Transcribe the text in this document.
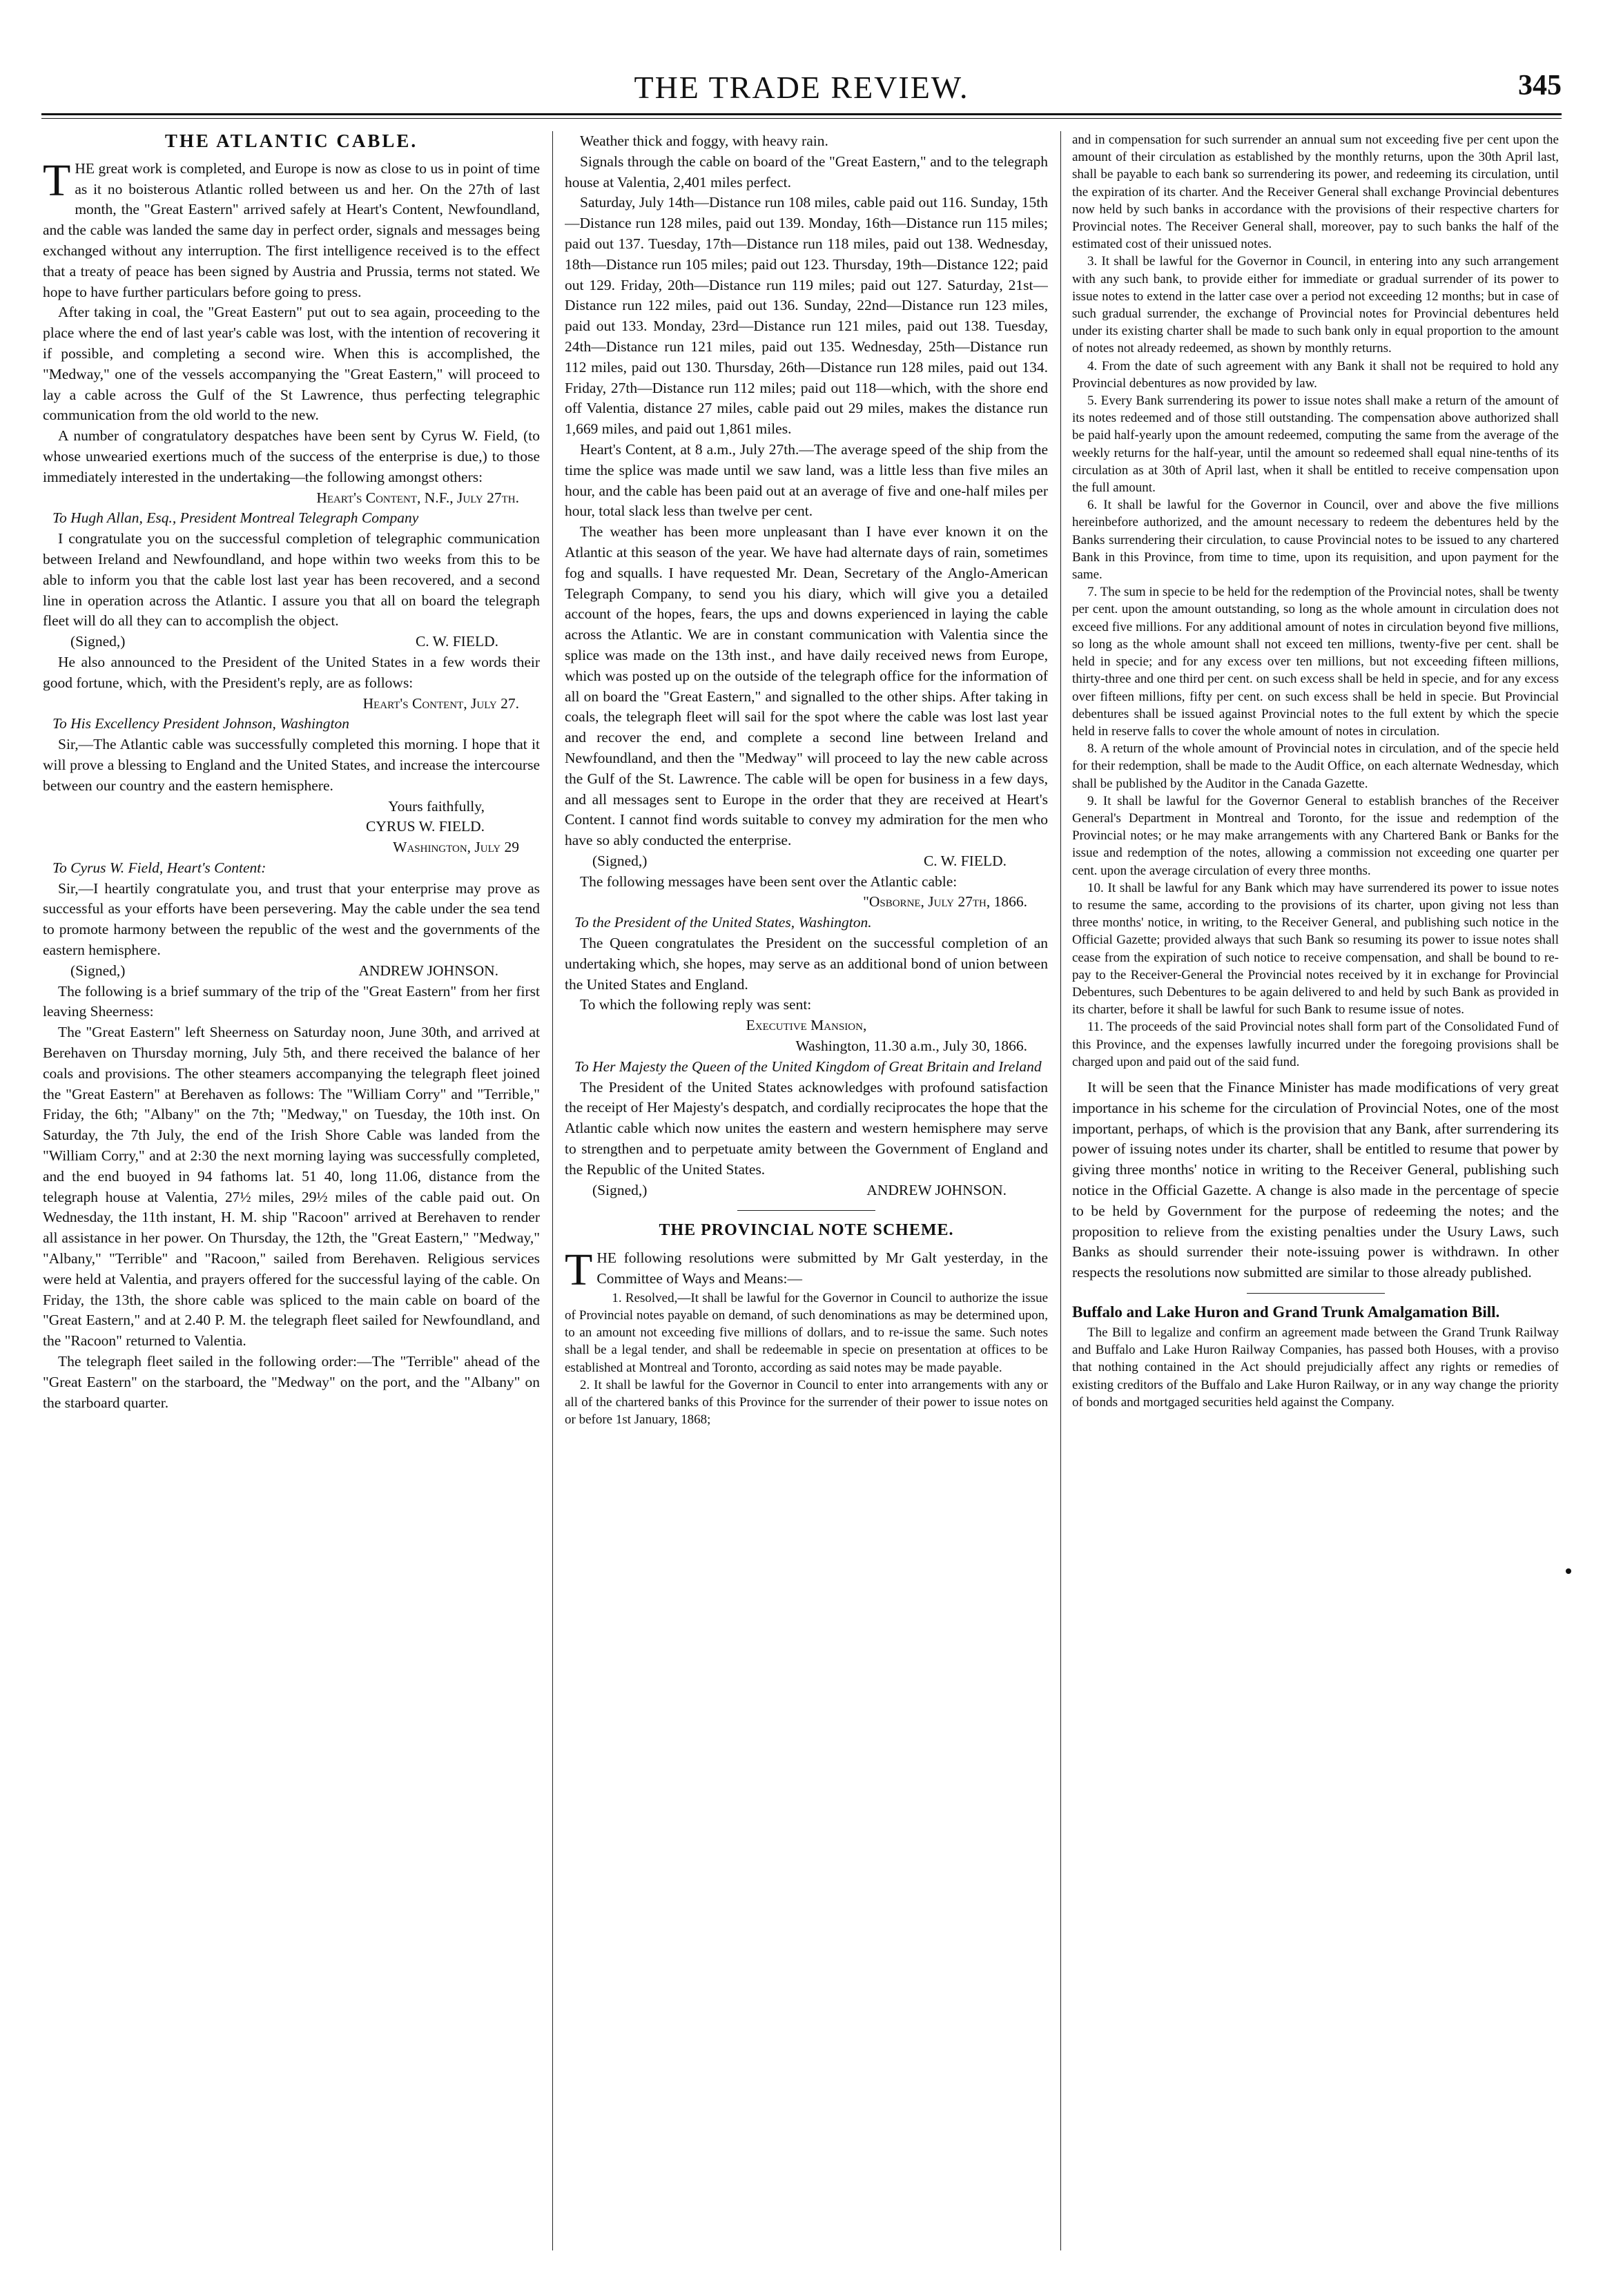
THE TRADE REVIEW.	345
THE ATLANTIC CABLE.

THE great work is completed, and Europe is now as close to us in point of time as it no boisterous Atlantic rolled between us and her. On the 27th of last month, the "Great Eastern" arrived safely at Heart's Content, Newfoundland, and the cable was landed the same day in perfect order, signals and messages being exchanged without any interruption. The first intelligence received is to the effect that a treaty of peace has been signed by Austria and Prussia, terms not stated. We hope to have further particulars before going to press.

After taking in coal, the "Great Eastern" put out to sea again, proceeding to the place where the end of last year's cable was lost, with the intention of recovering it if possible, and completing a second wire. When this is accomplished, the "Medway," one of the vessels accompanying the "Great Eastern," will proceed to lay a cable across the Gulf of the St Lawrence, thus perfecting telegraphic communication from the old world to the new.

A number of congratulatory despatches have been sent by Cyrus W. Field, (to whose unwearied exertions much of the success of the enterprise is due,) to those immediately interested in the undertaking—the following amongst others:

Heart's Content, N.F., July 27th.

To Hugh Allan, Esq., President Montreal Telegraph Company

I congratulate you on the successful completion of telegraphic communication between Ireland and Newfoundland, and hope within two weeks from this to be able to inform you that the cable lost last year has been recovered, and a second line in operation across the Atlantic. I assure you that all on board the telegraph fleet will do all they can to accomplish the object.

(Signed,)	C. W. FIELD.

He also announced to the President of the United States in a few words their good fortune, which, with the President's reply, are as follows:

Heart's Content, July 27.

To His Excellency President Johnson, Washington

Sir,—The Atlantic cable was successfully completed this morning. I hope that it will prove a blessing to England and the United States, and increase the intercourse between our country and the eastern hemisphere.

Yours faithfully,

CYRUS W. FIELD.

Washington, July 29

To Cyrus W. Field, Heart's Content:

Sir,—I heartily congratulate you, and trust that your enterprise may prove as successful as your efforts have been persevering. May the cable under the sea tend to promote harmony between the republic of the west and the governments of the eastern hemisphere.

(Signed,)	ANDREW JOHNSON.

The following is a brief summary of the trip of the "Great Eastern" from her first leaving Sheerness:

The "Great Eastern" left Sheerness on Saturday noon, June 30th, and arrived at Berehaven on Thursday morning, July 5th, and there received the balance of her coals and provisions. The other steamers accompanying the telegraph fleet joined the "Great Eastern" at Berehaven as follows: The "William Corry" and "Terrible," Friday, the 6th; "Albany" on the 7th; "Medway," on Tuesday, the 10th inst. On Saturday, the 7th July, the end of the Irish Shore Cable was landed from the "William Corry," and at 2:30 the next morning laying was successfully completed, and the end buoyed in 94 fathoms lat. 51 40, long 11.06, distance from the telegraph house at Valentia, 27½ miles, 29½ miles of the cable paid out. On Wednesday, the 11th instant, H. M. ship "Racoon" arrived at Berehaven to render all assistance in her power. On Thursday, the 12th, the "Great Eastern," "Medway," "Albany," "Terrible" and "Racoon," sailed from Berehaven. Religious services were held at Valentia, and prayers offered for the successful laying of the cable. On Friday, the 13th, the shore cable was spliced to the main cable on board of the "Great Eastern," and at 2.40 P. M. the telegraph fleet sailed for Newfoundland, and the "Racoon" returned to Valentia.

The telegraph fleet sailed in the following order:—The "Terrible" ahead of the "Great Eastern" on the starboard, the "Medway" on the port, and the "Albany" on the starboard quarter.

Weather thick and foggy, with heavy rain.

Signals through the cable on board of the "Great Eastern," and to the telegraph house at Valentia, 2,401 miles perfect.

Saturday, July 14th—Distance run 108 miles, cable paid out 116. Sunday, 15th—Distance run 128 miles, paid out 139. Monday, 16th—Distance run 115 miles; paid out 137. Tuesday, 17th—Distance run 118 miles, paid out 138. Wednesday, 18th—Distance run 105 miles; paid out 123. Thursday, 19th—Distance 122; paid out 129. Friday, 20th—Distance run 119 miles; paid out 127. Saturday, 21st—Distance run 122 miles, paid out 136. Sunday, 22nd—Distance run 123 miles, paid out 133. Monday, 23rd—Distance run 121 miles, paid out 138. Tuesday, 24th—Distance run 121 miles, paid out 135. Wednesday, 25th—Distance run 112 miles, paid out 130. Thursday, 26th—Distance run 128 miles, paid out 134. Friday, 27th—Distance run 112 miles; paid out 118—which, with the shore end off Valentia, distance 27 miles, cable paid out 29 miles, makes the distance run 1,669 miles, and paid out 1,861 miles.

Heart's Content, at 8 a.m., July 27th.—The average speed of the ship from the time the splice was made until we saw land, was a little less than five miles an hour, and the cable has been paid out at an average of five and one-half miles per hour, total slack less than twelve per cent.

The weather has been more unpleasant than I have ever known it on the Atlantic at this season of the year. We have had alternate days of rain, sometimes fog and squalls. I have requested Mr. Dean, Secretary of the Anglo-American Telegraph Company, to send you his diary, which will give you a detailed account of the hopes, fears, the ups and downs experienced in laying the cable across the Atlantic. We are in constant communication with Valentia since the splice was made on the 13th inst., and have daily received news from Europe, which was posted up on the outside of the telegraph office for the information of all on board the "Great Eastern," and signalled to the other ships. After taking in coals, the telegraph fleet will sail for the spot where the cable was lost last year and recover the end, and complete a second line between Ireland and Newfoundland, and then the "Medway" will proceed to lay the new cable across the Gulf of the St. Lawrence. The cable will be open for business in a few days, and all messages sent to Europe in the order that they are received at Heart's Content. I cannot find words suitable to convey my admiration for the men who have so ably conducted the enterprise.

(Signed,)	C. W. FIELD.

The following messages have been sent over the Atlantic cable:

"Osborne, July 27th, 1866.

To the President of the United States, Washington.

The Queen congratulates the President on the successful completion of an undertaking which, she hopes, may serve as an additional bond of union between the United States and England.

To which the following reply was sent:

Executive Mansion,

Washington, 11.30 a.m., July 30, 1866.

To Her Majesty the Queen of the United Kingdom of Great Britain and Ireland

The President of the United States acknowledges with profound satisfaction the receipt of Her Majesty's despatch, and cordially reciprocates the hope that the Atlantic cable which now unites the eastern and western hemisphere may serve to strengthen and to perpetuate amity between the Government of England and the Republic of the United States.

(Signed,)	ANDREW JOHNSON.
THE PROVINCIAL NOTE SCHEME.

THE following resolutions were submitted by Mr Galt yesterday, in the Committee of Ways and Means:—

1. Resolved,—It shall be lawful for the Governor in Council to authorize the issue of Provincial notes payable on demand, of such denominations as may be determined upon, to an amount not exceeding five millions of dollars, and to re-issue the same. Such notes shall be a legal tender, and shall be redeemable in specie on presentation at offices to be established at Montreal and Toronto, according as said notes may be made payable.

2. It shall be lawful for the Governor in Council to enter into arrangements with any or all of the chartered banks of this Province for the surrender of their power to issue notes on or before 1st January, 1868;

and in compensation for such surrender an annual sum not exceeding five per cent upon the amount of their circulation as established by the monthly returns, upon the 30th April last, shall be payable to each bank so surrendering its power, and redeeming its circulation, until the expiration of its charter. And the Receiver General shall exchange Provincial debentures now held by such banks in accordance with the provisions of their respective charters for Provincial notes. The Receiver General shall, moreover, pay to such banks the half of the estimated cost of their unissued notes.

3. It shall be lawful for the Governor in Council, in entering into any such arrangement with any such bank, to provide either for immediate or gradual surrender of its power to issue notes to extend in the latter case over a period not exceeding 12 months; but in case of such gradual surrender, the exchange of Provincial notes for Provincial debentures held under its existing charter shall be made to such bank only in equal proportion to the amount of notes not already redeemed, as shown by monthly returns.

4. From the date of such agreement with any Bank it shall not be required to hold any Provincial debentures as now provided by law.

5. Every Bank surrendering its power to issue notes shall make a return of the amount of its notes redeemed and of those still outstanding. The compensation above authorized shall be paid half-yearly upon the amount redeemed, computing the same from the average of the weekly returns for the half-year, until the amount so redeemed shall equal nine-tenths of its circulation as at 30th of April last, when it shall be entitled to receive compensation upon the full amount.

6. It shall be lawful for the Governor in Council, over and above the five millions hereinbefore authorized, and the amount necessary to redeem the debentures held by the Banks surrendering their circulation, to cause Provincial notes to be issued to any chartered Bank in this Province, from time to time, upon its requisition, and upon payment for the same.

7. The sum in specie to be held for the redemption of the Provincial notes, shall be twenty per cent. upon the amount outstanding, so long as the whole amount in circulation does not exceed five millions. For any additional amount of notes in circulation beyond five millions, so long as the whole amount shall not exceed ten millions, twenty-five per cent. shall be held in specie; and for any excess over ten millions, but not exceeding fifteen millions, thirty-three and one third per cent. on such excess shall be held in specie, and for any excess over fifteen millions, fifty per cent. on such excess shall be held in specie. But Provincial debentures shall be issued against Provincial notes to the full extent by which the specie held in reserve falls to cover the whole amount of notes in circulation.

8. A return of the whole amount of Provincial notes in circulation, and of the specie held for their redemption, shall be made to the Audit Office, on each alternate Wednesday, which shall be published by the Auditor in the Canada Gazette.

9. It shall be lawful for the Governor General to establish branches of the Receiver General's Department in Montreal and Toronto, for the issue and redemption of the Provincial notes; or he may make arrangements with any Chartered Bank or Banks for the issue and redemption of the notes, allowing a commission not exceeding one quarter per cent. upon the average circulation of every three months.

10. It shall be lawful for any Bank which may have surrendered its power to issue notes to resume the same, according to the provisions of its charter, upon giving not less than three months' notice, in writing, to the Receiver General, and publishing such notice in the Official Gazette; provided always that such Bank so resuming its power to issue notes shall cease from the expiration of such notice to receive compensation, and shall be bound to re-pay to the Receiver-General the Provincial notes received by it in exchange for Provincial Debentures, such Debentures to be again delivered to and held by such Bank as provided in its charter, before it shall be lawful for such Bank to resume issue of notes.

11. The proceeds of the said Provincial notes shall form part of the Consolidated Fund of this Province, and the expenses lawfully incurred under the foregoing provisions shall be charged upon and paid out of the said fund.

It will be seen that the Finance Minister has made modifications of very great importance in his scheme for the circulation of Provincial Notes, one of the most important, perhaps, of which is the provision that any Bank, after surrendering its power of issuing notes under its charter, shall be entitled to resume that power by giving three months' notice in writing to the Receiver General, publishing such notice in the Official Gazette. A change is also made in the percentage of specie to be held by Government for the purpose of redeeming the notes; and the proposition to relieve from the existing penalties under the Usury Laws, such Banks as should surrender their note-issuing power is withdrawn. In other respects the resolutions now submitted are similar to those already published.

Buffalo and Lake Huron and Grand Trunk Amalgamation Bill.

The Bill to legalize and confirm an agreement made between the Grand Trunk Railway and Buffalo and Lake Huron Railway Companies, has passed both Houses, with a proviso that nothing contained in the Act should prejudicially affect any rights or remedies of existing creditors of the Buffalo and Lake Huron Railway, or in any way change the priority of bonds and mortgaged securities held against the Company.
